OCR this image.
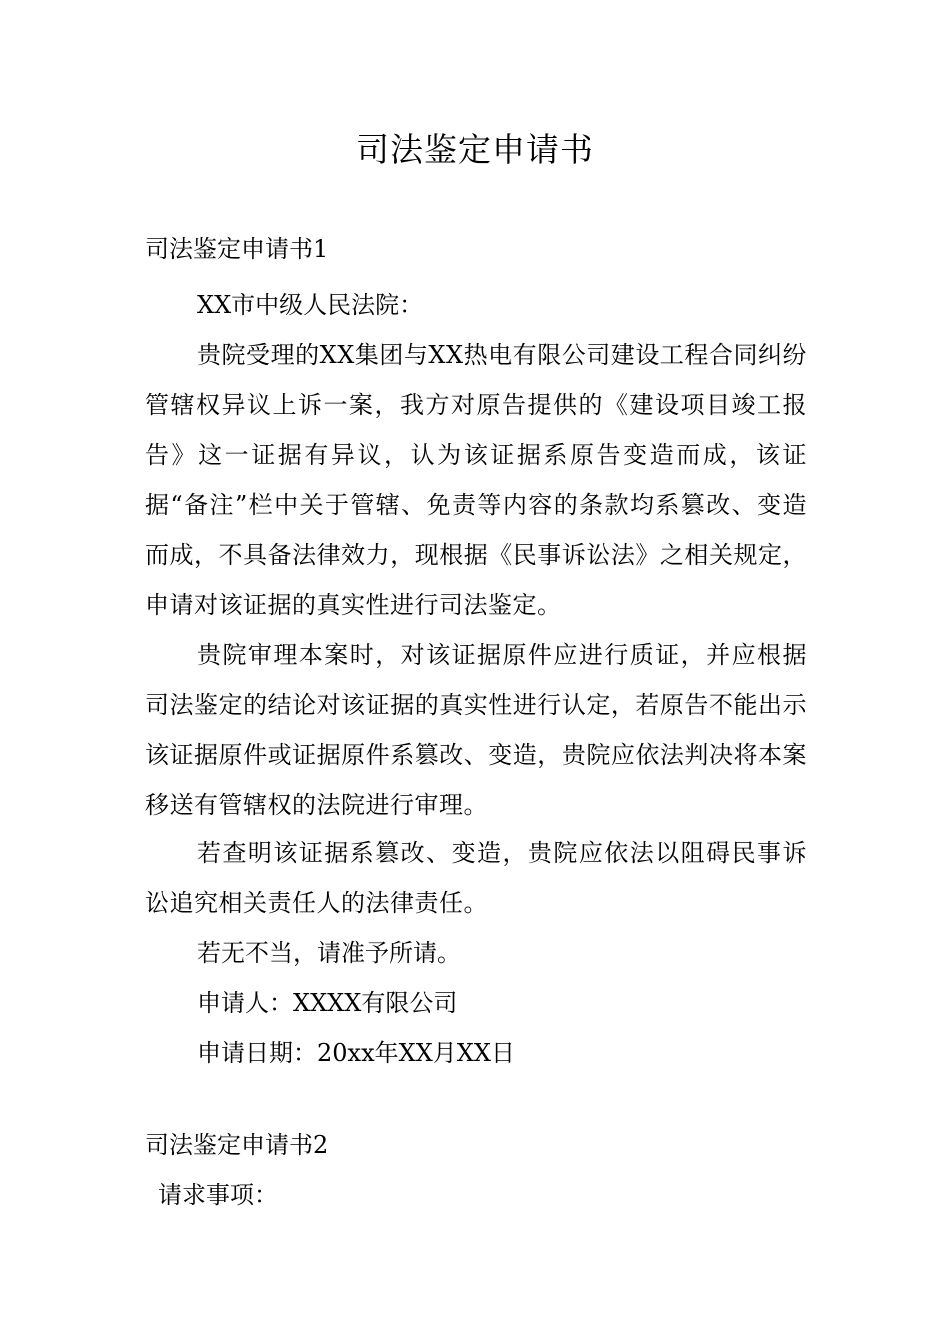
司法鉴定申请书
司法鉴定申请书1
XX市中级人民法院：

贵院受理的XX集团与XX热电有限公司建设工程合同纠纷管辖权异议上诉一案，我方对原告提供的《建设项目竣工报告》这一证据有异议，认为该证据系原告变造而成，该证据“备注”栏中关于管辖、免责等内容的条款均系篡改、变造而成，不具备法律效力，现根据《民事诉讼法》之相关规定，申请对该证据的真实性进行司法鉴定。

贵院审理本案时，对该证据原件应进行质证，并应根据司法鉴定的结论对该证据的真实性进行认定，若原告不能出示该证据原件或证据原件系篡改、变造，贵院应依法判决将本案移送有管辖权的法院进行审理。

若查明该证据系篡改、变造，贵院应依法以阻碍民事诉讼追究相关责任人的法律责任。

若无不当，请准予所请。
申请人：XXXX有限公司
申请日期：20xx年XX月XX日
司法鉴定申请书2
请求事项：
